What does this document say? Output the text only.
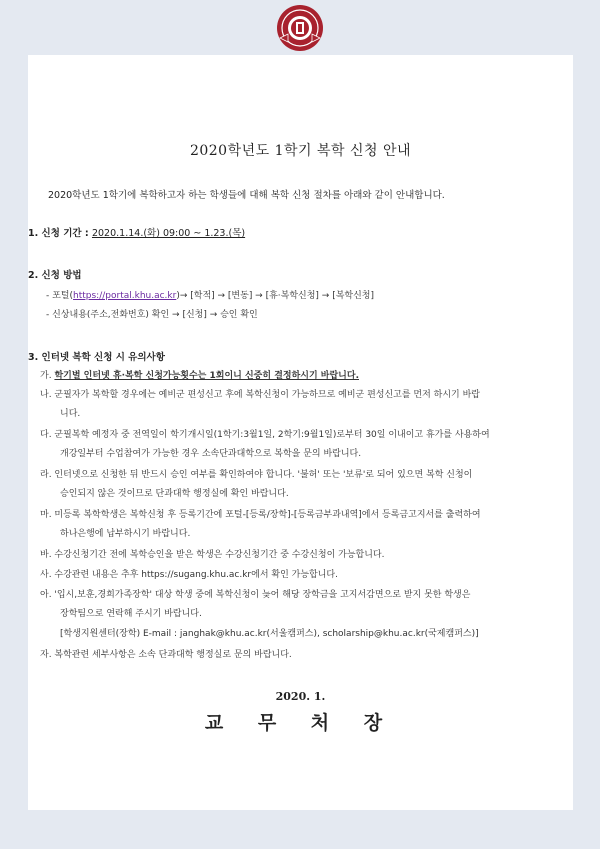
2020학년도 1학기 복학 신청 안내
2020학년도 1학기에 복학하고자 하는 학생들에 대해 복학 신청 절차를 아래와 같이 안내합니다.
1. 신청 기간 : 2020.1.14.(화) 09:00 ~ 1.23.(목)
2. 신청 방법
- 포털(https://portal.khu.ac.kr)→ [학적] → [변동] → [휴·복학신청] → [복학신청]
- 신상내용(주소,전화번호) 확인 → [신청] → 승인 확인
3. 인터넷 복학 신청 시 유의사항
가. 학기별 인터넷 휴·복학 신청가능횟수는 1회이니 신중히 결정하시기 바랍니다.
나. 군필자가 복학할 경우에는 예비군 편성신고 후에 복학신청이 가능하므로 예비군 편성신고를 먼저 하시기 바랍
니다.
다. 군필복학 예정자 중 전역일이 학기개시일(1학기:3월1일, 2학기:9월1일)로부터 30일 이내이고 휴가를 사용하여
개강일부터 수업참여가 가능한 경우 소속단과대학으로 복학을 문의 바랍니다.
라. 인터넷으로 신청한 뒤 반드시 승인 여부를 확인하여야 합니다. '불허' 또는 '보류'로 되어 있으면 복학 신청이
승인되지 않은 것이므로 단과대학 행정실에 확인 바랍니다.
마. 미등록 복학학생은 복학신청 후 등록기간에 포털-[등록/장학]-[등록금부과내역]에서 등록금고지서를 출력하여
하나은행에 납부하시기 바랍니다.
바. 수강신청기간 전에 복학승인을 받은 학생은 수강신청기간 중 수강신청이 가능합니다.
사. 수강관련 내용은 추후 https://sugang.khu.ac.kr에서 확인 가능합니다.
아. '입시,보훈,경희가족장학' 대상 학생 중에 복학신청이 늦어 해당 장학금을 고지서감면으로 받지 못한 학생은
장학팀으로 연락해 주시기 바랍니다.
[학생지원센터(장학) E-mail : janghak@khu.ac.kr(서울캠퍼스), scholarship@khu.ac.kr(국제캠퍼스)]
자. 복학관련 세부사항은 소속 단과대학 행정실로 문의 바랍니다.
2020. 1.
교 무 처 장
